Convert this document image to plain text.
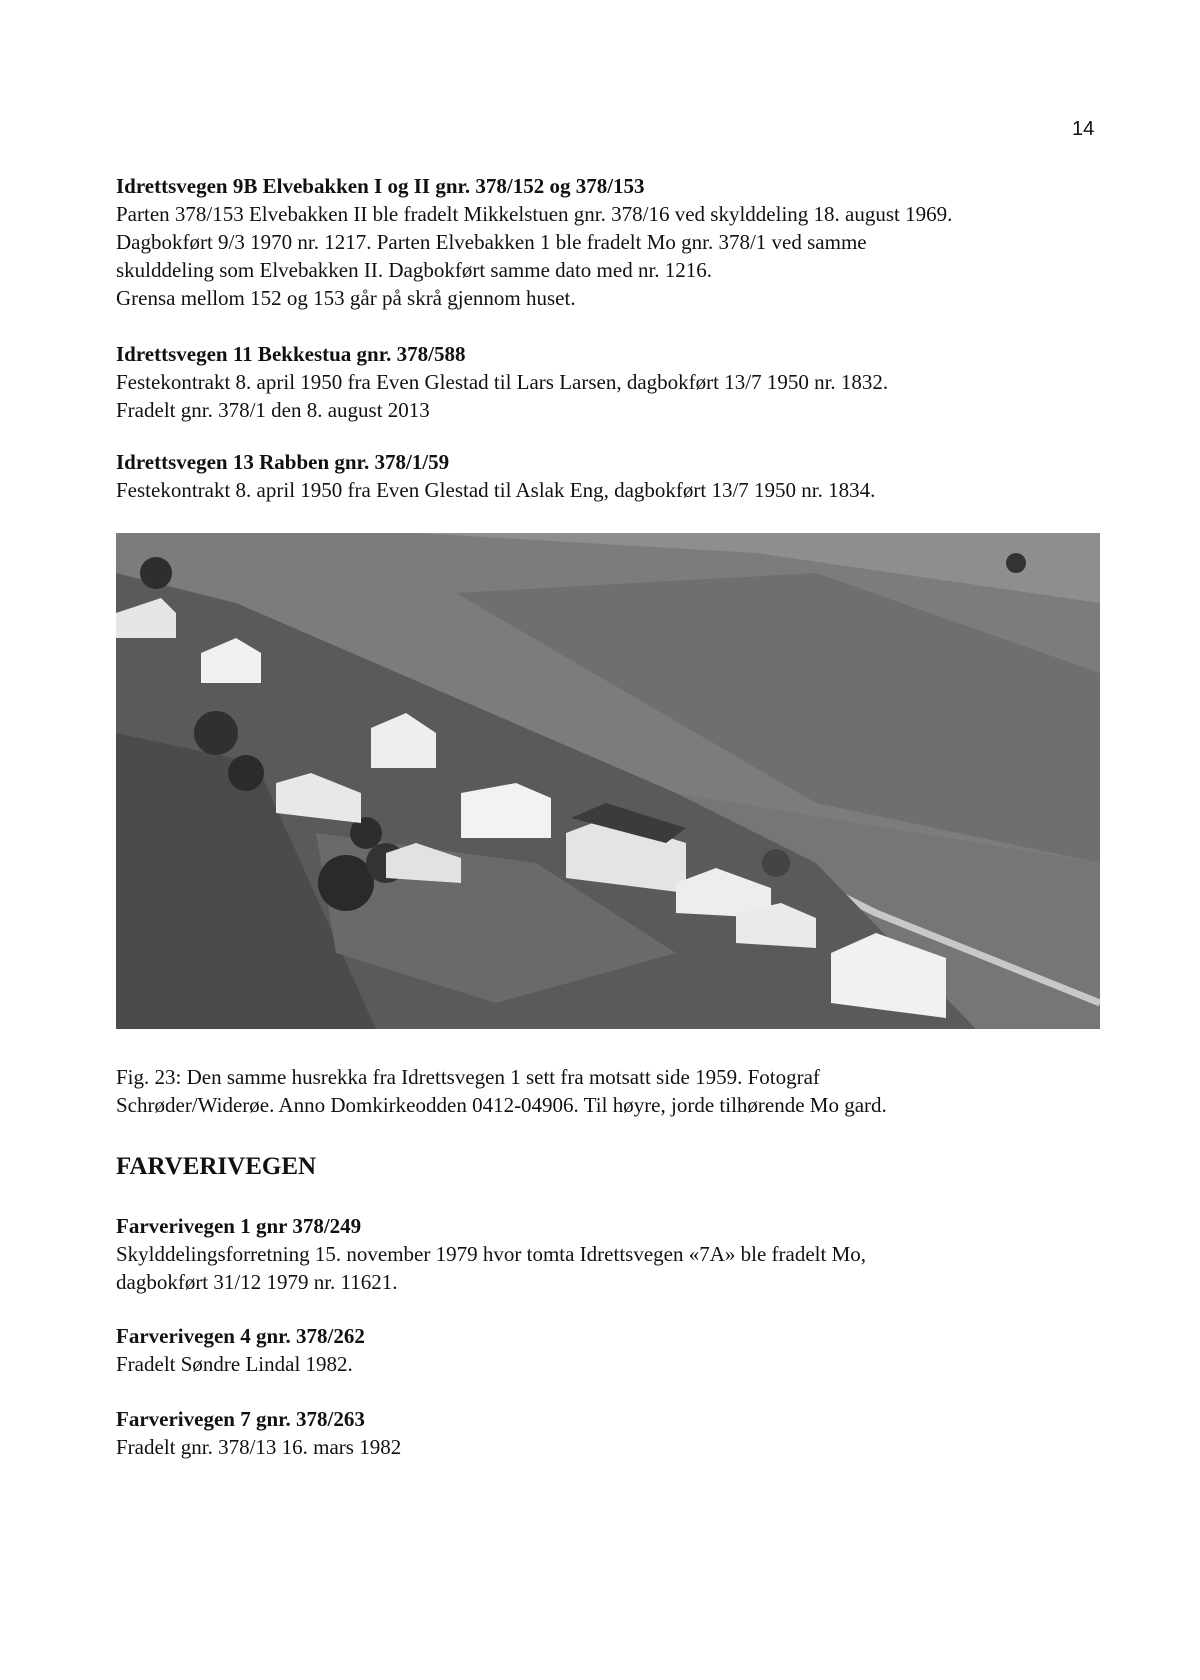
14
Idrettsvegen 9B Elvebakken I og II gnr. 378/152 og 378/153

Parten 378/153 Elvebakken II ble fradelt Mikkelstuen gnr. 378/16 ved skylddeling 18. august 1969.

Dagbokført 9/3 1970 nr. 1217. Parten Elvebakken 1 ble fradelt Mo gnr. 378/1 ved samme

skulddeling som Elvebakken II. Dagbokført samme dato med nr. 1216.

Grensa mellom 152 og 153 går på skrå gjennom huset.

Idrettsvegen 11 Bekkestua gnr. 378/588

Festekontrakt 8. april 1950 fra Even Glestad til Lars Larsen, dagbokført 13/7 1950 nr. 1832.

Fradelt gnr. 378/1 den 8. august 2013

Idrettsvegen 13 Rabben gnr. 378/1/59

Festekontrakt 8. april 1950 fra Even Glestad til Aslak Eng, dagbokført 13/7 1950 nr. 1834.

Fig. 23: Den samme husrekka fra Idrettsvegen 1 sett fra motsatt side 1959. Fotograf

Schrøder/Widerøe. Anno Domkirkeodden 0412-04906. Til høyre, jorde tilhørende Mo gard.

FARVERIVEGEN
Farverivegen 1 gnr 378/249

Skylddelingsforretning 15. november 1979 hvor tomta Idrettsvegen «7A» ble fradelt Mo,

dagbokført 31/12 1979 nr. 11621.

Farverivegen 4 gnr. 378/262

Fradelt Søndre Lindal 1982.

Farverivegen 7 gnr. 378/263

Fradelt gnr. 378/13 16. mars 1982
